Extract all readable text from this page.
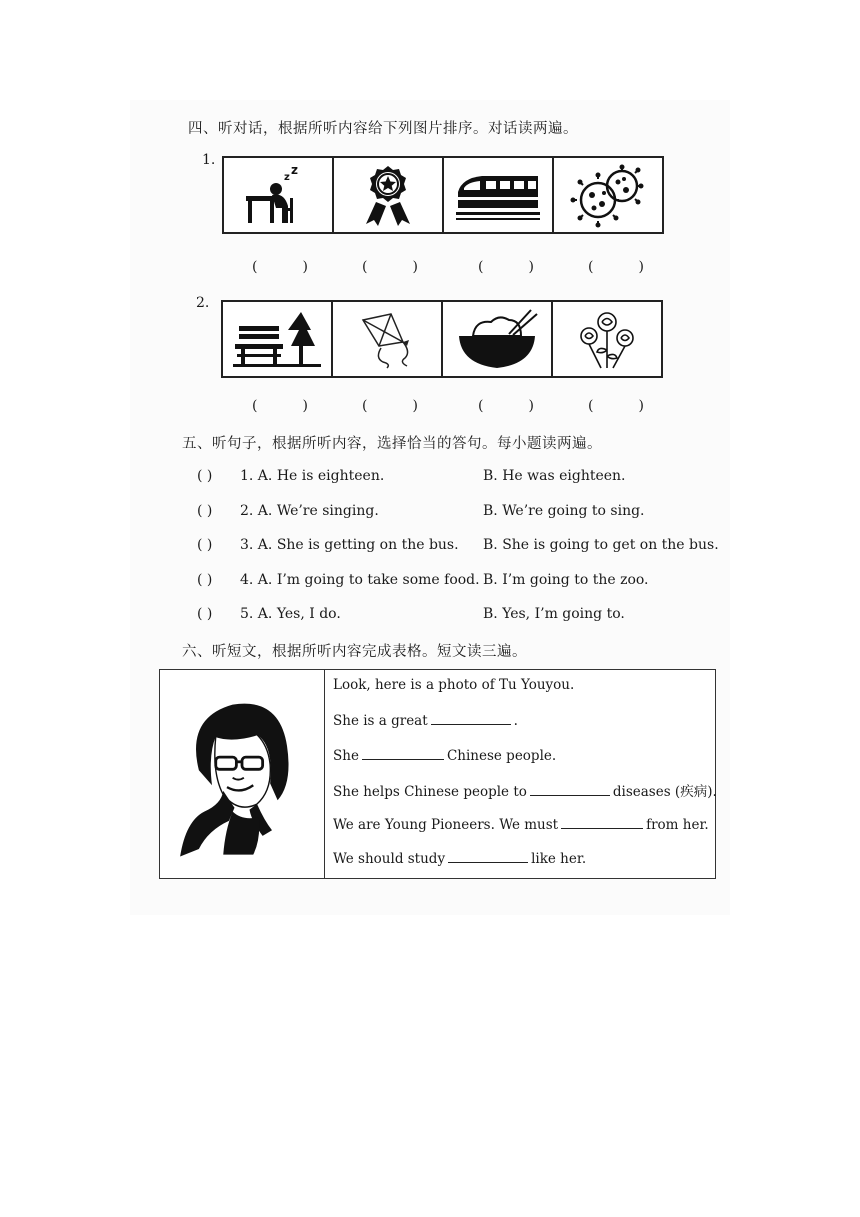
四、听对话，根据所听内容给下列图片排序。对话读两遍。
1.
z
z
(	)	(	)	(	)	(	)
2.
(	)	(	)	(	)	(	)
五、听句子，根据所听内容，选择恰当的答句。每小题读两遍。
( ) 1. A. He is eighteen.	B. He was eighteen.
( ) 2. A. We’re singing.	B. We’re going to sing.
( ) 3. A. She is getting on the bus. B. She is going to get on the bus.
( ) 4. A. I’m going to take some food. B. I’m going to the zoo.
( ) 5. A. Yes, I do.	B. Yes, I’m going to.
六、听短文，根据所听内容完成表格。短文读三遍。
Look, here is a photo of Tu Youyou.
She is a great	.
She	Chinese people.
She helps Chinese people to	diseases (疾病).
We are Young Pioneers. We must	from her.
We should study	like her.
